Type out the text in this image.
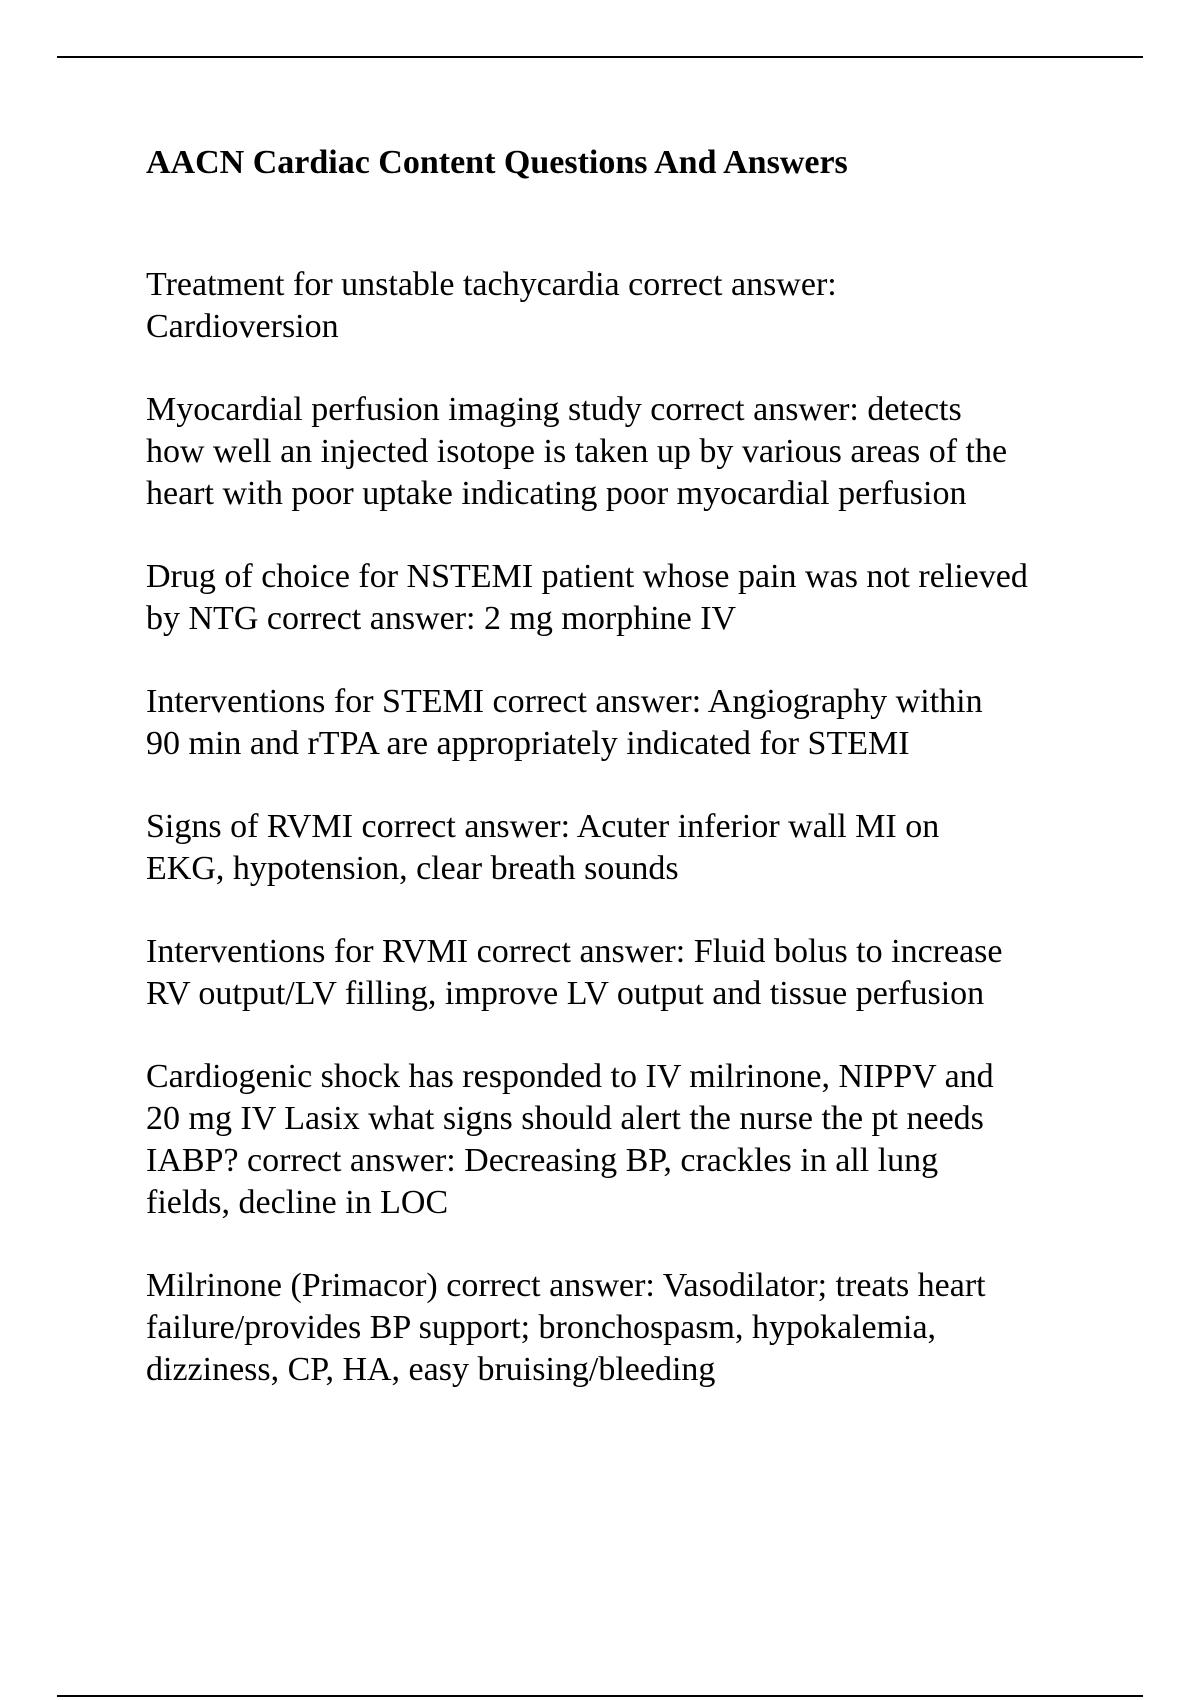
AACN Cardiac Content Questions And Answers

Treatment for unstable tachycardia correct answer:
Cardioversion

Myocardial perfusion imaging study correct answer: detects
how well an injected isotope is taken up by various areas of the
heart with poor uptake indicating poor myocardial perfusion

Drug of choice for NSTEMI patient whose pain was not relieved
by NTG correct answer: 2 mg morphine IV

Interventions for STEMI correct answer: Angiography within
90 min and rTPA are appropriately indicated for STEMI

Signs of RVMI correct answer: Acuter inferior wall MI on
EKG, hypotension, clear breath sounds

Interventions for RVMI correct answer: Fluid bolus to increase
RV output/LV filling, improve LV output and tissue perfusion

Cardiogenic shock has responded to IV milrinone, NIPPV and
20 mg IV Lasix what signs should alert the nurse the pt needs
IABP? correct answer: Decreasing BP, crackles in all lung
fields, decline in LOC

Milrinone (Primacor) correct answer: Vasodilator; treats heart
failure/provides BP support; bronchospasm, hypokalemia,
dizziness, CP, HA, easy bruising/bleeding
